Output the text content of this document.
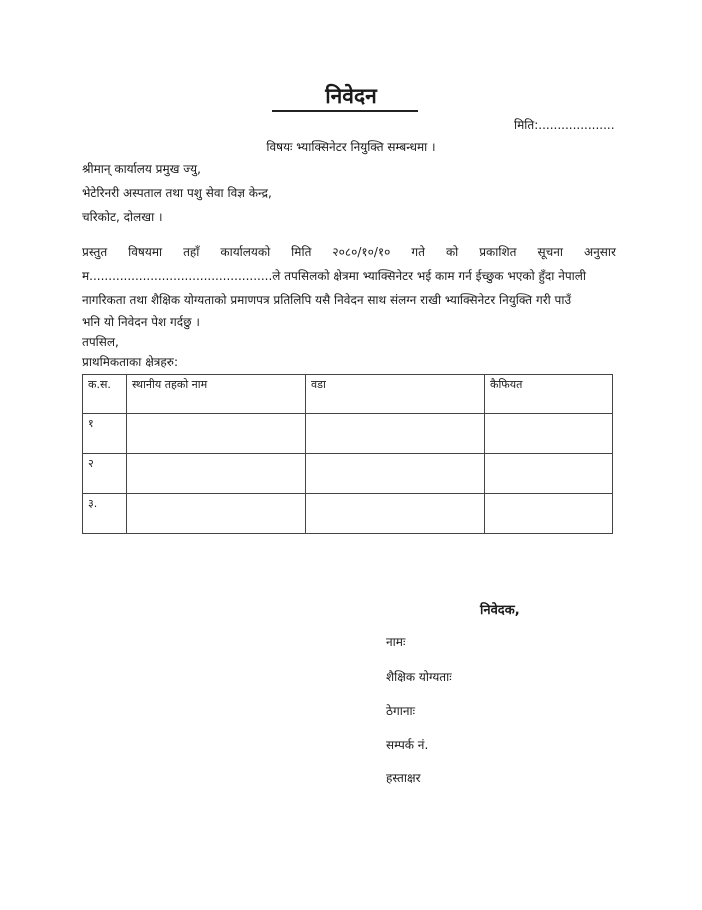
निवेदन
मिति:....................
विषयः भ्याक्सिनेटर नियुक्ति सम्बन्धमा ।
श्रीमान् कार्यालय प्रमुख ज्यु,
भेटेरिनरी अस्पताल तथा पशु सेवा विज्ञ केन्द्र,
चरिकोट, दोलखा ।
प्रस्तुत विषयमा तहाँ कार्यालयको मिति २०८०/१०/१० गते को प्रकाशित सूचना अनुसार
म................................................ले तपसिलको क्षेत्रमा भ्याक्सिनेटर भई काम गर्न ईच्छुक भएको हुँदा नेपाली
नागरिकता तथा शैक्षिक योग्यताको प्रमाणपत्र प्रतिलिपि यसै निवेदन साथ संलग्न राखी भ्याक्सिनेटर नियुक्ति गरी पाउँ
भनि यो निवेदन पेश गर्दछु ।
तपसिल,
प्राथमिकताका क्षेत्रहरु:
क.स.	स्थानीय तहको नाम	वडा	कैफियत
१			
२			
३.			
निवेदक,
नामः
शैक्षिक योग्यताः
ठेगानाः
सम्पर्क नं.
हस्ताक्षर
